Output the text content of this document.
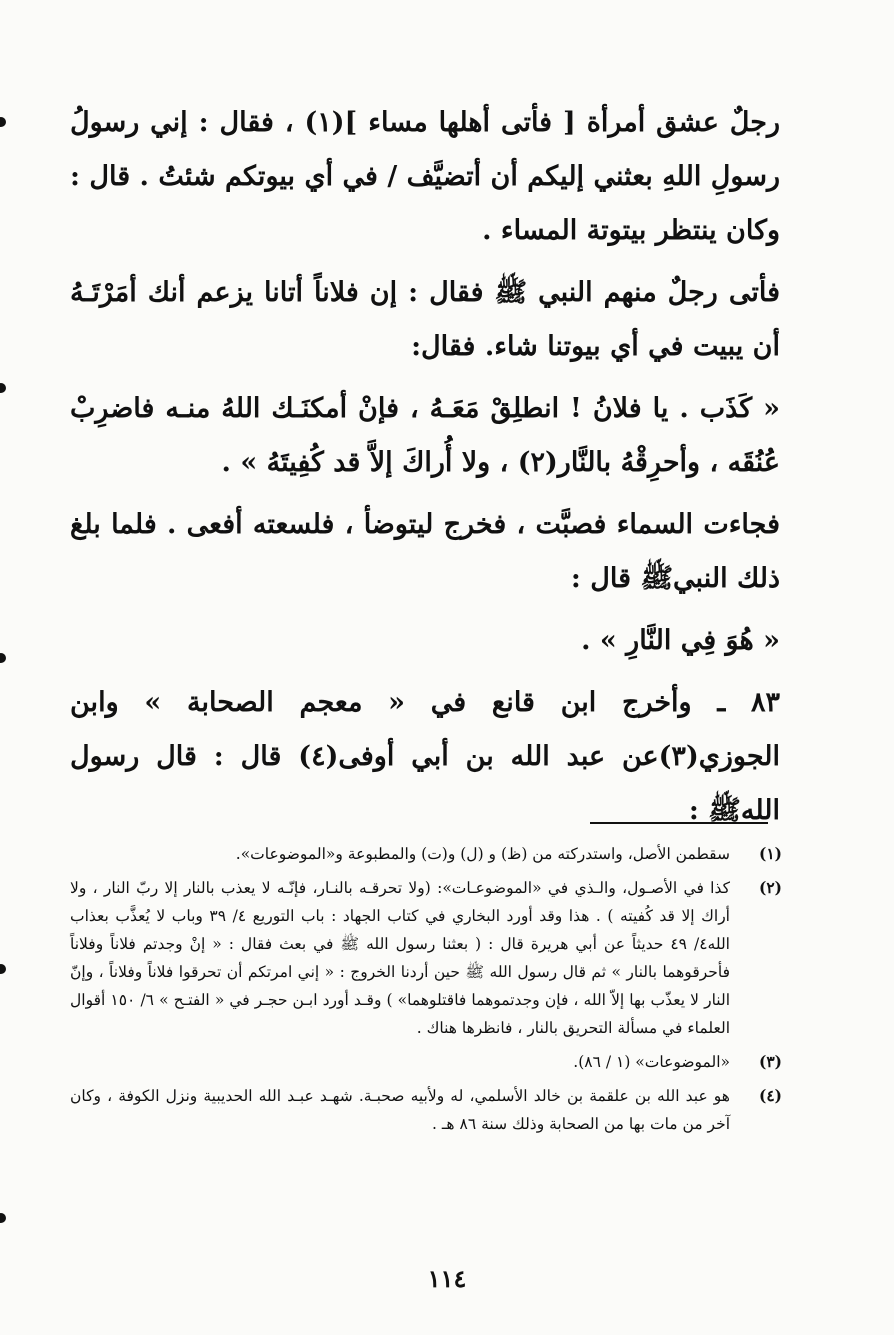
رجلٌ عشق أمرأة [ فأتى أهلها مساء ](١) ، فقال : إني رسولُ رسولِ اللهِ بعثني إليكم أن أتضيَّف / في أي بيوتكم شئتُ . قال : وكان ينتظر بيتوتة المساء .

فأتى رجلٌ منهم النبي ﷺ فقال : إن فلاناً أتانا يزعم أنك أمَرْتَـهُ أن يبيت في أي بيوتنا شاء. فقال:

« كَذَب . يا فلانُ ! انطلِقْ مَعَـهُ ، فإنْ أمكنَـك اللهُ منـه فاضرِبْ عُنُقَه ، وأحرِقْهُ بالنَّار(٢) ، ولا أُراكَ إلاَّ قد كُفِيتَهُ » .

فجاءت السماء فصبَّت ، فخرج ليتوضأ ، فلسعته أفعى . فلما بلغ ذلك النبيﷺ قال :

« هُوَ فِي النَّارِ » .

٨٣ ـ وأخرج ابن قانع في « معجم الصحابة » وابن الجوزي(٣)عن عبد الله بن أبي أوفى(٤) قال : قال رسول اللهﷺ :

(١)
سقطمن الأصل، واستدركته من (ظ) و (ل) و(ت) والمطبوعة و«الموضوعات».
(٢)
كذا في الأصـول، والـذي في «الموضوعـات»: (ولا تحرقـه بالنـار، فإنّـه لا يعذب بالنار إلا ربّ النار ، ولا أراك إلا قد كُفيته ) . هذا وقد أورد البخاري في كتاب الجهاد : باب التوريع ٤/ ٣٩ وباب لا يُعذَّب بعذاب الله٤/ ٤٩ حديثاً عن أبي هريرة قال : ( بعثنا رسول الله ﷺ في بعث فقال : « إنْ وجدتم فلاناً وفلاناً فأحرقوهما بالنار » ثم قال رسول الله ﷺ حين أردنا الخروج : « إني امرتكم أن تحرقوا فلاناً وفلاناً ، وإنّ النار لا يعذّب بها إلاّ الله ، فإن وجدتموهما فاقتلوهما» ) وقـد أورد ابـن حجـر في « الفتـح » ٦/ ١٥٠ أقوال العلماء في مسألة التحريق بالنار ، فانظرها هناك .
(٣)
«الموضوعات» (١ / ٨٦).
(٤)
هو عبد الله بن علقمة بن خالد الأسلمي، له ولأبيه صحبـة. شهـد عبـد الله الحديبية ونزل الكوفة ، وكان آخر من مات بها من الصحابة وذلك سنة ٨٦ هـ .
١١٤
